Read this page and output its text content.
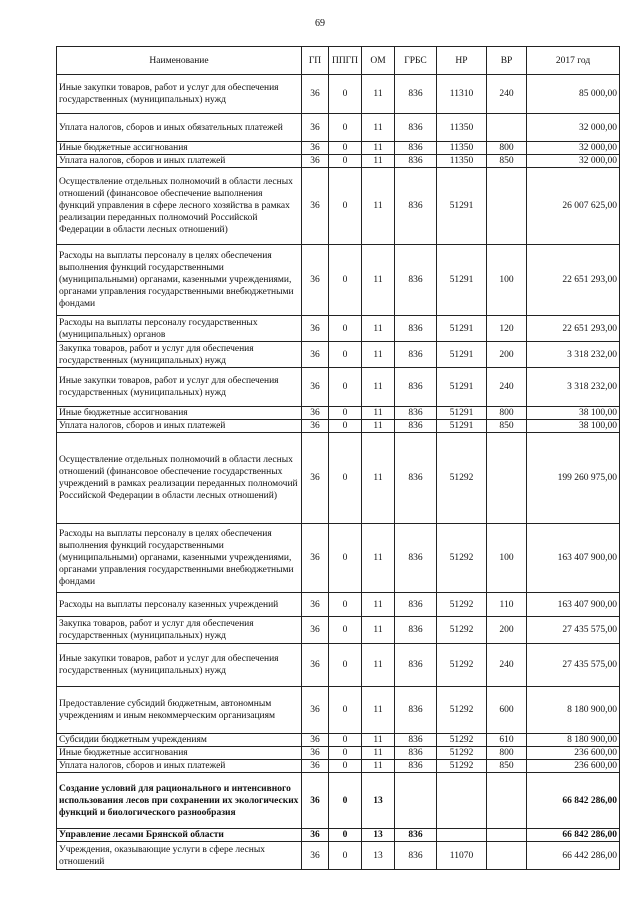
69
Наименование	ГП	ППГП	ОМ	ГРБС	НР	ВР	2017 год
Иные закупки товаров, работ и услуг для обеспечения государственных (муниципальных) нужд	36	0	11	836	11310	240	85 000,00
Уплата налогов, сборов и иных обязательных платежей	36	0	11	836	11350		32 000,00
Иные бюджетные ассигнования	36	0	11	836	11350	800	32 000,00
Уплата налогов, сборов и иных платежей	36	0	11	836	11350	850	32 000,00
Осуществление отдельных полномочий в области лесных отношений (финансовое обеспечение выполнения функций управления в сфере лесного хозяйства в рамках реализации переданных полномочий Российской Федерации в области лесных отношений)	36	0	11	836	51291		26 007 625,00
Расходы на выплаты персоналу в целях обеспечения выполнения функций государственными (муниципальными) органами, казенными учреждениями, органами управления государственными внебюджетными фондами	36	0	11	836	51291	100	22 651 293,00
Расходы на выплаты персоналу государственных (муниципальных) органов	36	0	11	836	51291	120	22 651 293,00
Закупка товаров, работ и услуг для обеспечения государственных (муниципальных) нужд	36	0	11	836	51291	200	3 318 232,00
Иные закупки товаров, работ и услуг для обеспечения государственных (муниципальных) нужд	36	0	11	836	51291	240	3 318 232,00
Иные бюджетные ассигнования	36	0	11	836	51291	800	38 100,00
Уплата налогов, сборов и иных платежей	36	0	11	836	51291	850	38 100,00
Осуществление отдельных полномочий в области лесных отношений (финансовое обеспечение государственных учреждений в рамках реализации переданных полномочий Российской Федерации в области лесных отношений)	36	0	11	836	51292		199 260 975,00
Расходы на выплаты персоналу в целях обеспечения выполнения функций государственными (муниципальными) органами, казенными учреждениями, органами управления государственными внебюджетными фондами	36	0	11	836	51292	100	163 407 900,00
Расходы на выплаты персоналу казенных учреждений	36	0	11	836	51292	110	163 407 900,00
Закупка товаров, работ и услуг для обеспечения государственных (муниципальных) нужд	36	0	11	836	51292	200	27 435 575,00
Иные закупки товаров, работ и услуг для обеспечения государственных (муниципальных) нужд	36	0	11	836	51292	240	27 435 575,00
Предоставление субсидий бюджетным, автономным учреждениям и иным некоммерческим организациям	36	0	11	836	51292	600	8 180 900,00
Субсидии бюджетным учреждениям	36	0	11	836	51292	610	8 180 900,00
Иные бюджетные ассигнования	36	0	11	836	51292	800	236 600,00
Уплата налогов, сборов и иных платежей	36	0	11	836	51292	850	236 600,00
Создание условий для рационального и интенсивного использования лесов при сохранении их экологических функций и биологического разнообразия	36	0	13				66 842 286,00
Управление лесами Брянской области	36	0	13	836			66 842 286,00
Учреждения, оказывающие услуги в сфере лесных отношений	36	0	13	836	11070		66 442 286,00
